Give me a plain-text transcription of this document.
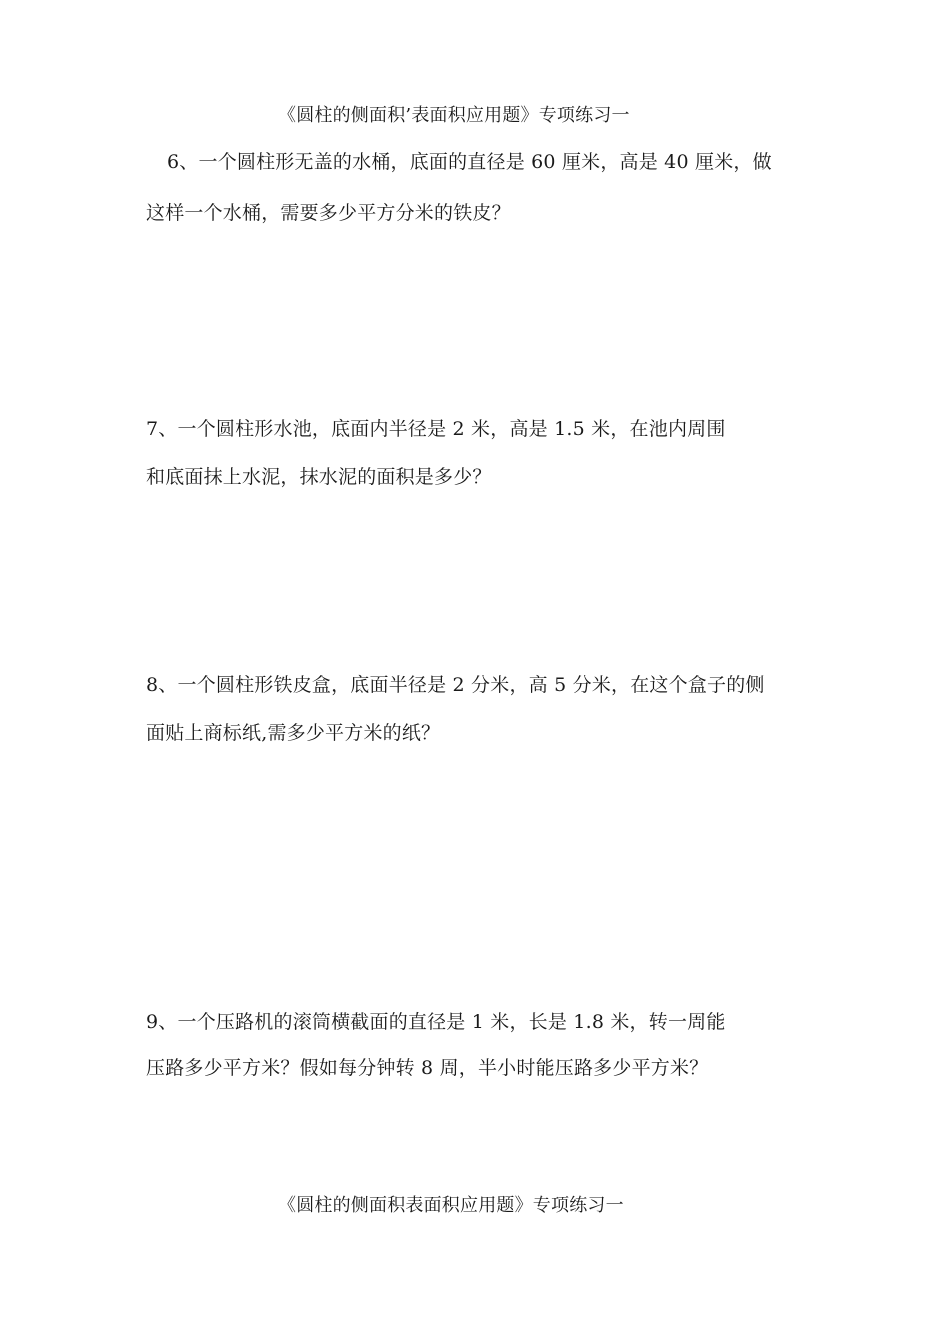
《圆柱的侧面积’表面积应用题》专项练习一
6、一个圆柱形无盖的水桶，底面的直径是 60 厘米，高是 40 厘米，做
这样一个水桶，需要多少平方分米的铁皮？
7、一个圆柱形水池，底面内半径是 2 米，高是 1.5 米，在池内周围
和底面抹上水泥，抹水泥的面积是多少？
8、一个圆柱形铁皮盒，底面半径是 2 分米，高 5 分米，在这个盒子的侧
面贴上商标纸,需多少平方米的纸？
9、一个压路机的滚筒横截面的直径是 1 米，长是 1.8 米，转一周能
压路多少平方米？假如每分钟转 8 周，半小时能压路多少平方米？
《圆柱的侧面积表面积应用题》专项练习一
